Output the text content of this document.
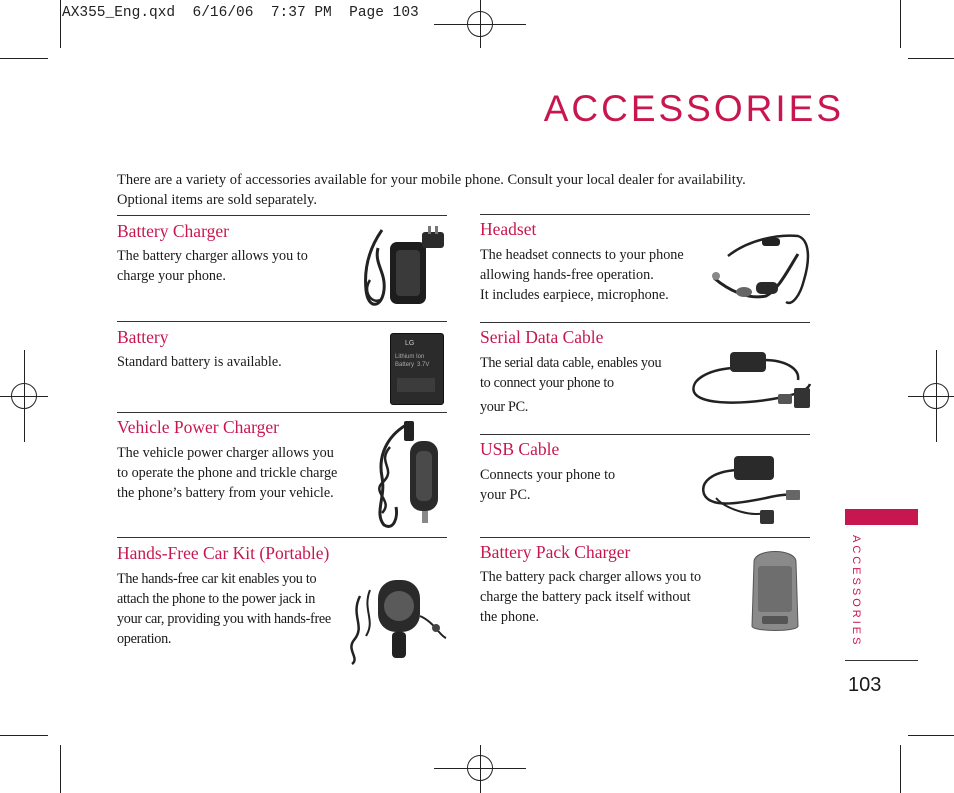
AX355_Eng.qxd  6/16/06  7:37 PM  Page 103
ACCESSORIES
There are a variety of accessories available for your mobile phone. Consult your local dealer for availability.
Optional items are sold separately.
Battery Charger
The battery charger allows you to
charge your phone.
Battery
Standard battery is available.
LG
Lithium Ion
Battery 3.7V
Vehicle Power Charger
The vehicle power charger allows you
to operate the phone and trickle charge
the phone’s battery from your vehicle.
Hands-Free Car Kit (Portable)
The hands-free car kit enables you to
attach the phone to the power jack in
your car, providing you with hands-free
operation.
Headset
The headset connects to your phone
allowing hands-free operation.
It includes earpiece, microphone.
Serial Data Cable
The serial data cable, enables you
to connect your phone to
your PC.
USB Cable
Connects your phone to
your PC.
Battery Pack Charger
The battery pack charger allows you to
charge the battery pack itself without
the phone.	ACCESSORIES
103
